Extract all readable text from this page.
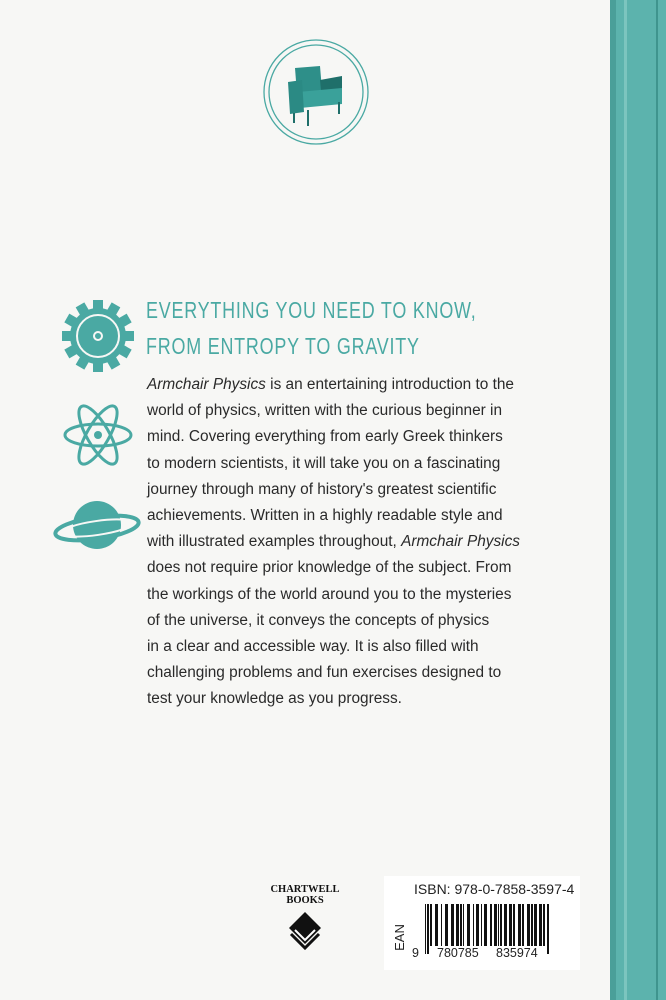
EVERYTHING YOU NEED TO KNOW,
FROM ENTROPY TO GRAVITY
Armchair Physics is an entertaining introduction to the
world of physics, written with the curious beginner in
mind. Covering everything from early Greek thinkers
to modern scientists, it will take you on a fascinating
journey through many of history's greatest scientific
achievements. Written in a highly readable style and
with illustrated examples throughout, Armchair Physics
does not require prior knowledge of the subject. From
the workings of the world around you to the mysteries
of the universe, it conveys the concepts of physics
in a clear and accessible way. It is also filled with
challenging problems and fun exercises designed to
test your knowledge as you progress.
CHARTWELL
BOOKS
ISBN: 978-0-7858-3597-4
EAN
9 780785 835974
